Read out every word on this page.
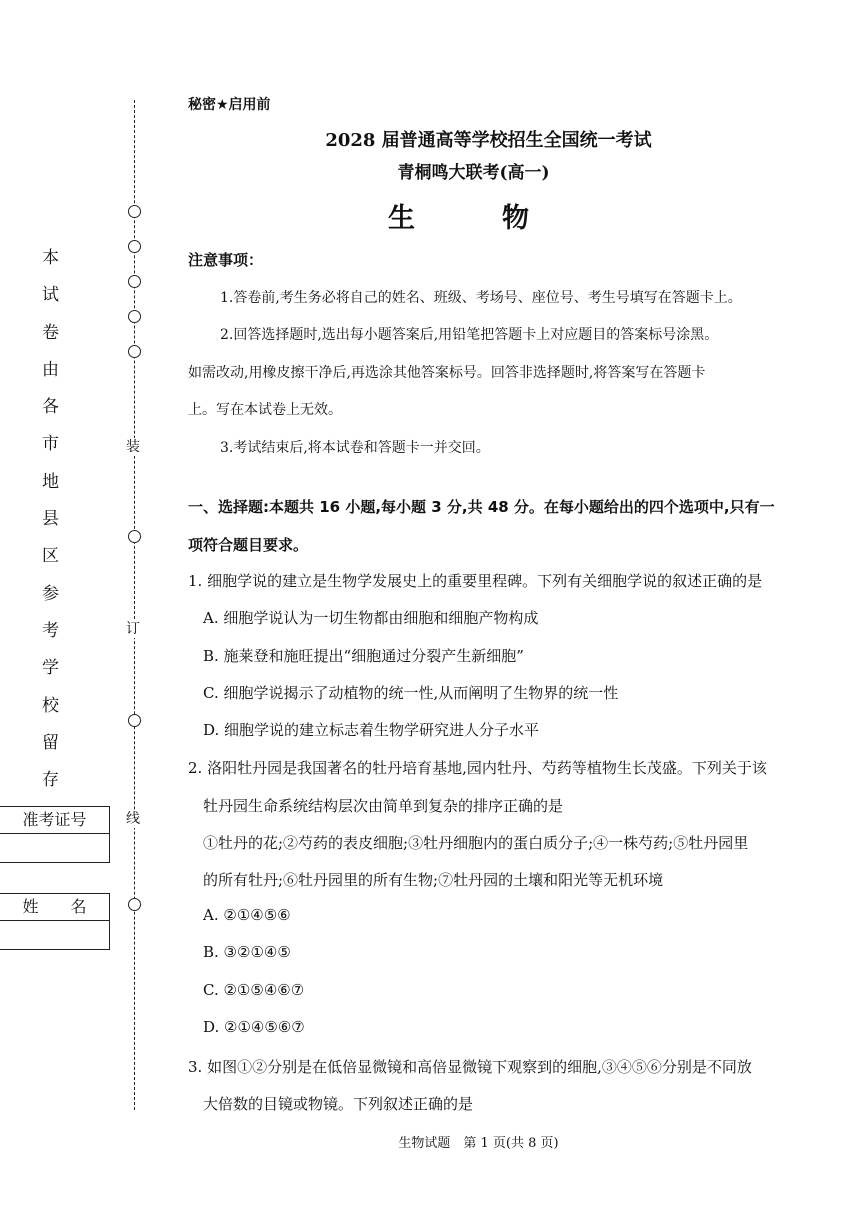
装
订
线
本
试
卷
由
各
市
地
县
区
参
考
学
校
留
存
准考证号
姓　　名
秘密★启用前
2028 届普通高等学校招生全国统一考试
青桐鸣大联考(高一)
生　物
注意事项：
1.答卷前,考生务必将自己的姓名、班级、考场号、座位号、考生号填写在答题卡上。
2.回答选择题时,选出每小题答案后,用铅笔把答题卡上对应题目的答案标号涂黑。
如需改动,用橡皮擦干净后,再选涂其他答案标号。回答非选择题时,将答案写在答题卡
上。写在本试卷上无效。
3.考试结束后,将本试卷和答题卡一并交回。
一、选择题:本题共 16 小题,每小题 3 分,共 48 分。在每小题给出的四个选项中,只有一
项符合题目要求。
1. 细胞学说的建立是生物学发展史上的重要里程碑。下列有关细胞学说的叙述正确的是
A. 细胞学说认为一切生物都由细胞和细胞产物构成
B. 施莱登和施旺提出“细胞通过分裂产生新细胞”
C. 细胞学说揭示了动植物的统一性,从而阐明了生物界的统一性
D. 细胞学说的建立标志着生物学研究进人分子水平
2. 洛阳牡丹园是我国著名的牡丹培育基地,园内牡丹、芍药等植物生长茂盛。下列关于该
牡丹园生命系统结构层次由简单到复杂的排序正确的是
①牡丹的花;②芍药的表皮细胞;③牡丹细胞内的蛋白质分子;④一株芍药;⑤牡丹园里
的所有牡丹;⑥牡丹园里的所有生物;⑦牡丹园的土壤和阳光等无机环境
A. ②①④⑤⑥
B. ③②①④⑤
C. ②①⑤④⑥⑦
D. ②①④⑤⑥⑦
3. 如图①②分别是在低倍显微镜和高倍显微镜下观察到的细胞,③④⑤⑥分别是不同放
大倍数的目镜或物镜。下列叙述正确的是
生物试题　第 1 页(共 8 页)
